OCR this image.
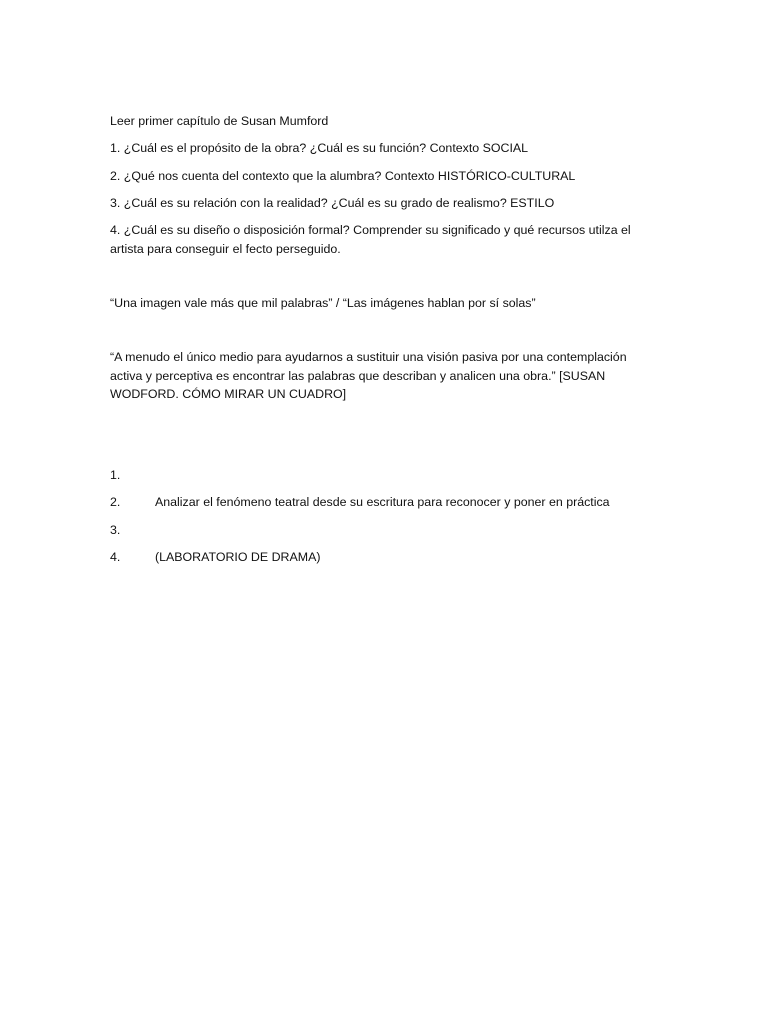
Leer primer capítulo de Susan Mumford
1. ¿Cuál es el propósito de la obra? ¿Cuál es su función? Contexto SOCIAL
2. ¿Qué nos cuenta del contexto que la alumbra? Contexto HISTÓRICO-CULTURAL
3. ¿Cuál es su relación con la realidad? ¿Cuál es su grado de realismo? ESTILO
4. ¿Cuál es su diseño o disposición formal? Comprender su significado y qué recursos utilza el artista para conseguir el fecto perseguido.
“Una imagen vale más que mil palabras” / “Las imágenes hablan por sí solas”
“A menudo el único medio para ayudarnos a sustituir una visión pasiva por una contemplación activa y perceptiva es encontrar las palabras que describan y analicen una obra.” [SUSAN WODFORD. CÓMO MIRAR UN CUADRO]
1.
2.	Analizar el fenómeno teatral desde su escritura para reconocer y poner en práctica
3.
4.	(LABORATORIO DE DRAMA)
